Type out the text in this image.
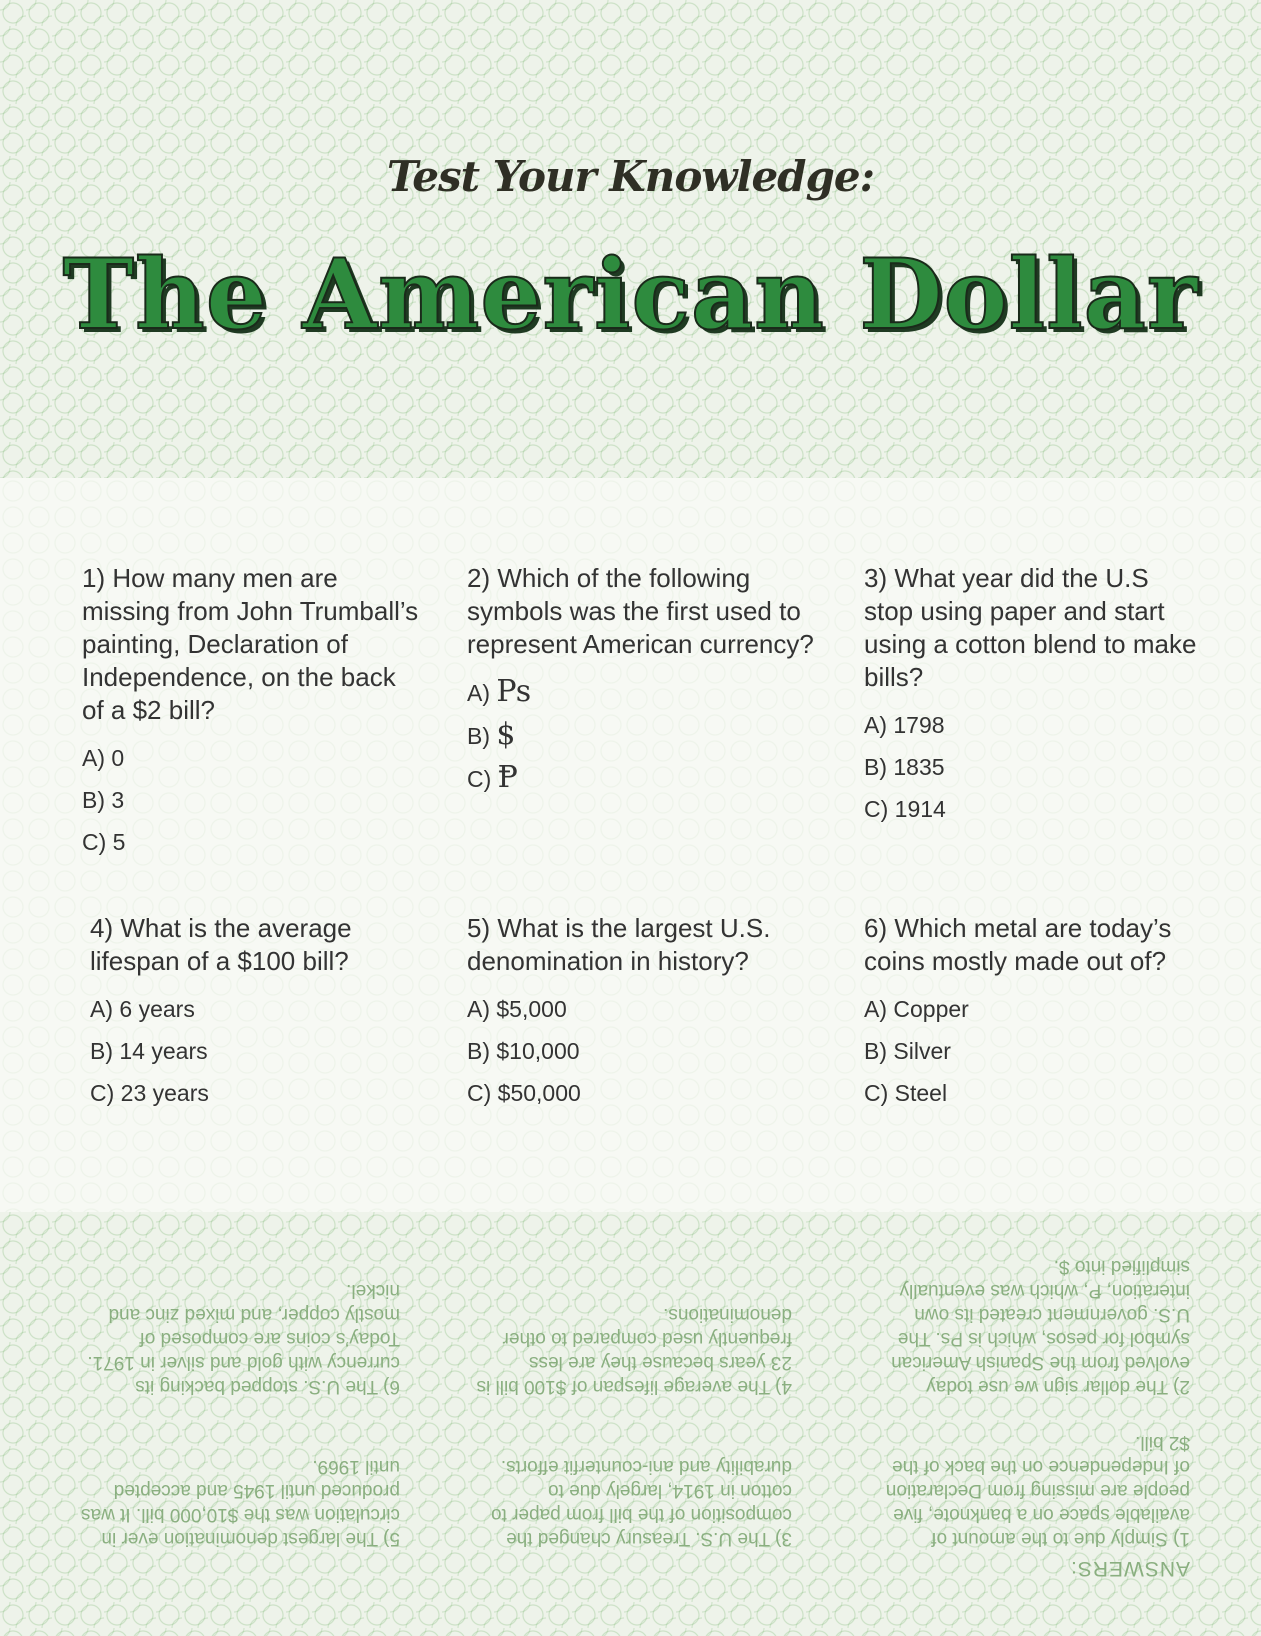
Test Your Knowledge:
The American Dollar

1) How many men are missing from John Trumball’s painting, Declaration of Independence, on the back of a $2 bill?

A) 0
B) 3
C) 5

2) Which of the following symbols was the first used to represent American currency?

A) Ps
B) $
C) Ᵽ

3) What year did the U.S stop using paper and start using a cotton blend to make bills?

A) 1798
B) 1835
C) 1914

4) What is the average lifespan of a $100 bill?

A) 6 years
B) 14 years
C) 23 years

5) What is the largest U.S. denomination in history?

A) $5,000
B) $10,000
C) $50,000

6) Which metal are today’s coins mostly made out of?

A) Copper
B) Silver
C) Steel
ANSWERS:
1) Simply due to the amount of available space on a banknote, five people are missing from Declaration of Independence on the back of the $2 bill.
2) The dollar sign we use today evolved from the Spanish American symbol for pesos, which is Ps. The U.S. government created its own interation, Ᵽ, which was eventually simplified into $.
3) The U.S. Treasury changed the composition of the bill from paper to cotton in 1914, largely due to durability and ani-counterfit efforts.
4) The average lifespan of $100 bill is 23 years because they are less frequently used compared to other denominations.
5) The largest denomination ever in circulation was the $10,000 bill. It was produced until 1945 and accepted until 1969.
6) The U.S. stopped backing its currency with gold and silver in 1971. Today’s coins are composed of mostly copper, and mixed zinc and nickel.
